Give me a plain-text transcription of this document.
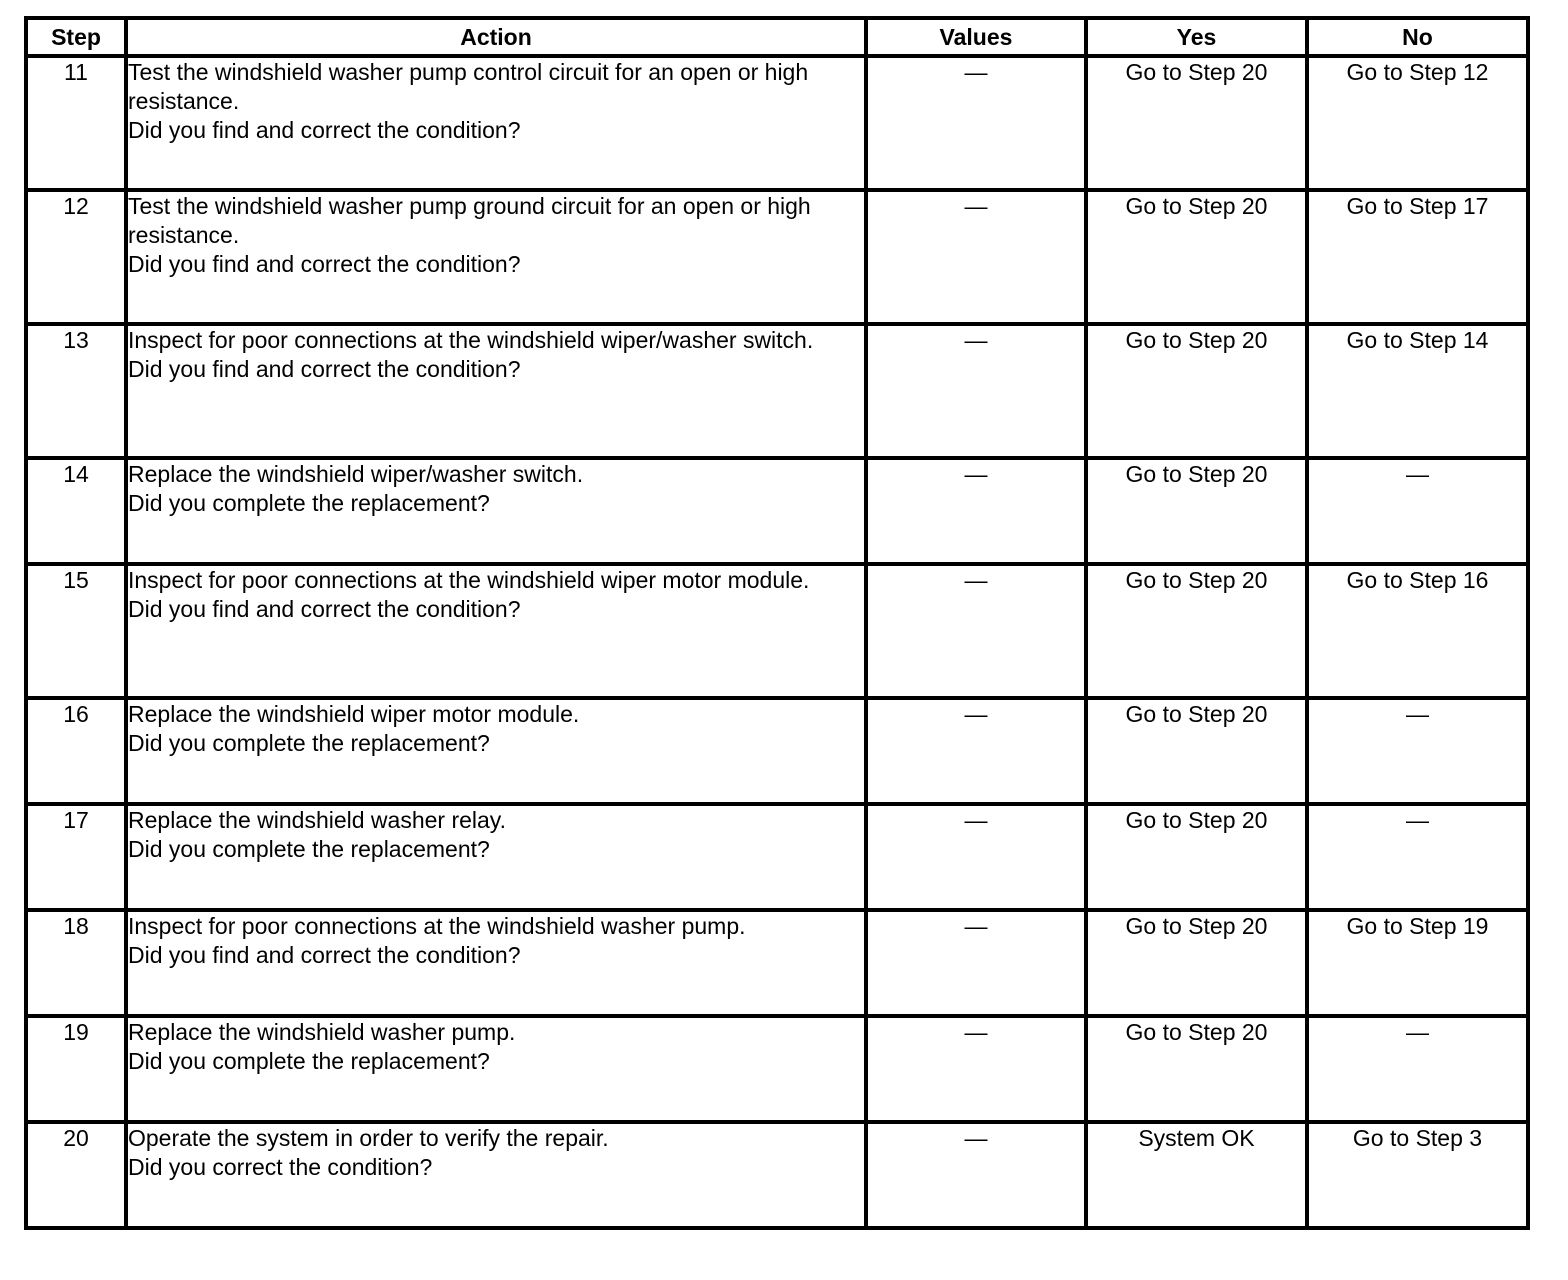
Step	Action	Values	Yes	No
11	Test the windshield washer pump control circuit for an open or high resistance.
Did you find and correct the condition?	—	Go to Step 20	Go to Step 12
12	Test the windshield washer pump ground circuit for an open or high resistance.
Did you find and correct the condition?	—	Go to Step 20	Go to Step 17
13	Inspect for poor connections at the windshield wiper/washer switch.
Did you find and correct the condition?	—	Go to Step 20	Go to Step 14
14	Replace the windshield wiper/washer switch.
Did you complete the replacement?	—	Go to Step 20	—
15	Inspect for poor connections at the windshield wiper motor module.
Did you find and correct the condition?	—	Go to Step 20	Go to Step 16
16	Replace the windshield wiper motor module.
Did you complete the replacement?	—	Go to Step 20	—
17	Replace the windshield washer relay.
Did you complete the replacement?	—	Go to Step 20	—
18	Inspect for poor connections at the windshield washer pump.
Did you find and correct the condition?	—	Go to Step 20	Go to Step 19
19	Replace the windshield washer pump.
Did you complete the replacement?	—	Go to Step 20	—
20	Operate the system in order to verify the repair.
Did you correct the condition?	—	System OK	Go to Step 3
